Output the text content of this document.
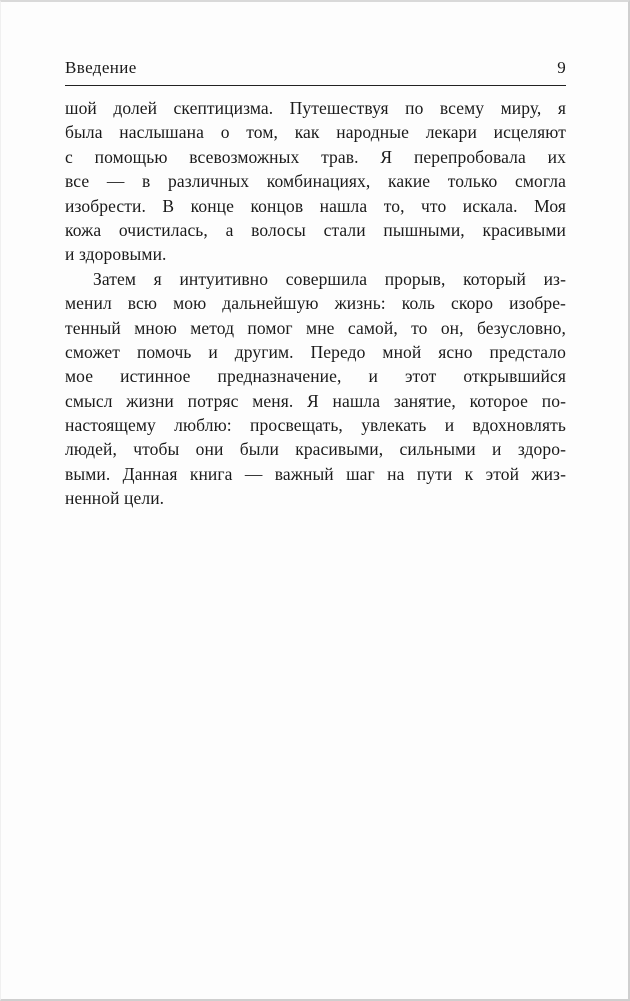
Введение	9
шой долей скептицизма. Путешествуя по всему миру, я
была наслышана о том, как народные лекари исцеляют
с помощью всевозможных трав. Я перепробовала их
все — в различных комбинациях, какие только смогла
изобрести. В конце концов нашла то, что искала. Моя
кожа очистилась, а волосы стали пышными, красивыми
и здоровыми.
Затем я интуитивно совершила прорыв, который из-
менил всю мою дальнейшую жизнь: коль скоро изобре-
тенный мною метод помог мне самой, то он, безусловно,
сможет помочь и другим. Передо мной ясно предстало
мое истинное предназначение, и этот открывшийся
смысл жизни потряс меня. Я нашла занятие, которое по-
настоящему люблю: просвещать, увлекать и вдохновлять
людей, чтобы они были красивыми, сильными и здоро-
выми. Данная книга — важный шаг на пути к этой жиз-
ненной цели.
